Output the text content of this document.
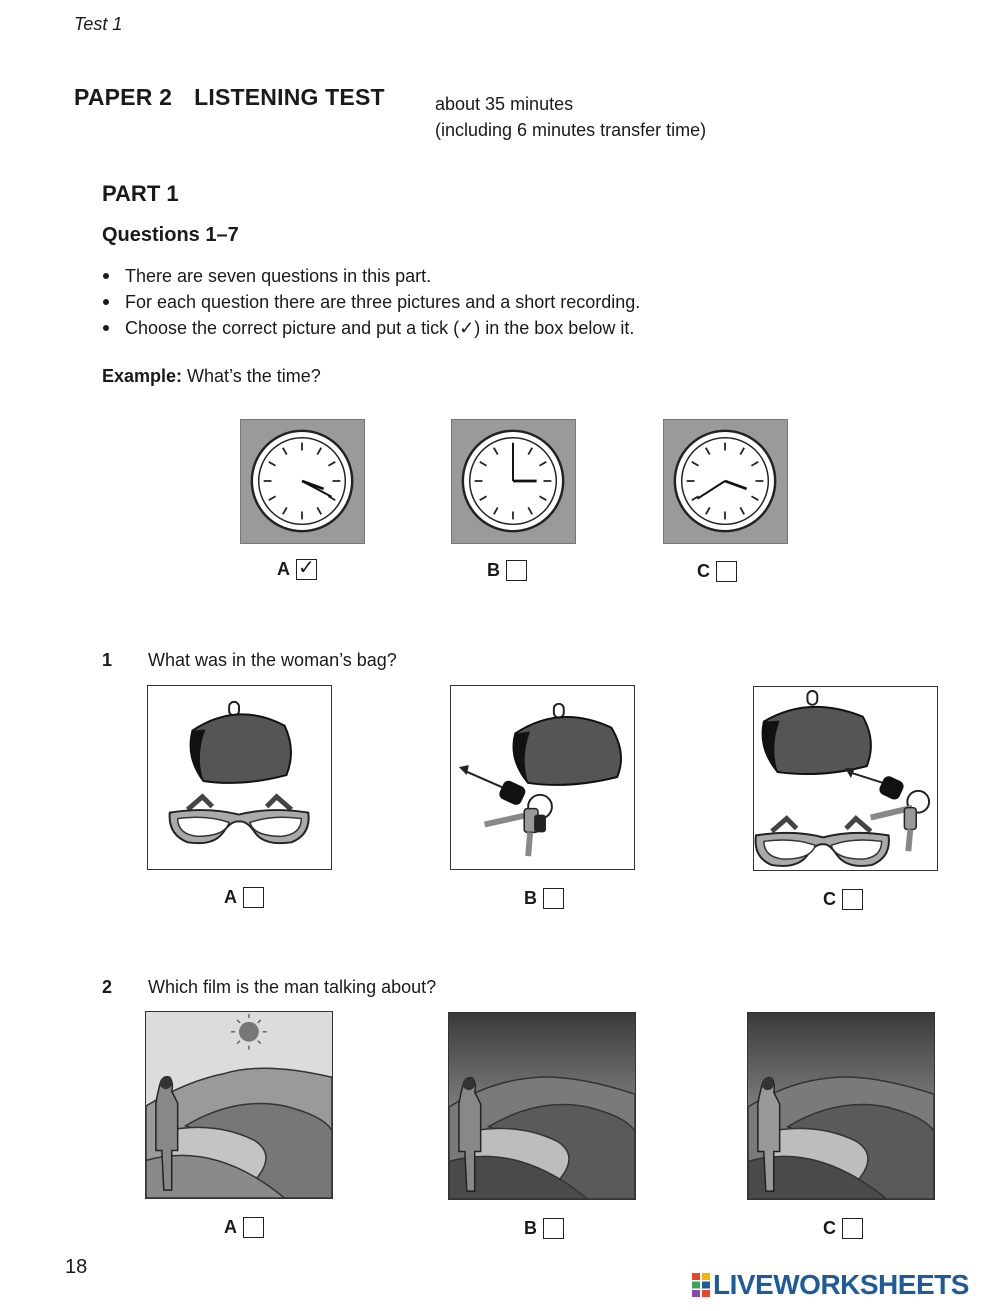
Test 1
PAPER 2 LISTENING TEST	about 35 minutes
(including 6 minutes transfer time)
PART 1
Questions 1–7
There are seven questions in this part.
For each question there are three pictures and a short recording.
Choose the correct picture and put a tick (✓) in the box below it.
Example: What’s the time?
A ✓	B	C
1 What was in the woman’s bag?
A	B	C
2 Which film is the man talking about?
A	B	C
18
LIVEWORKSHEETS
